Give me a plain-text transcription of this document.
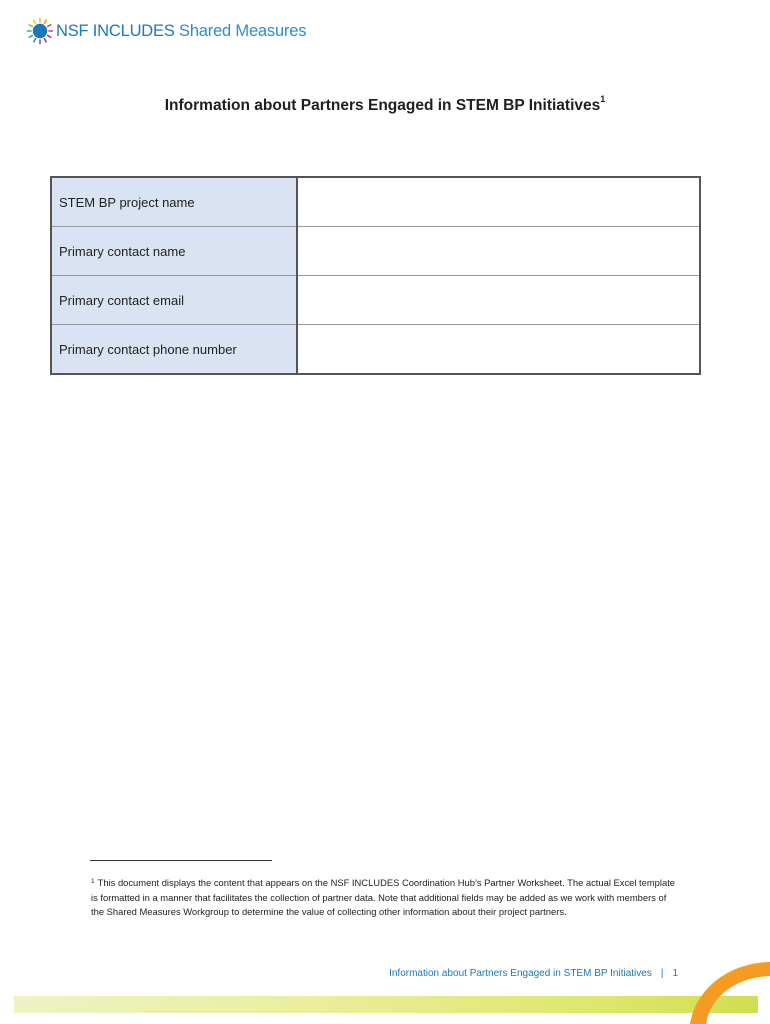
NSF INCLUDES Shared Measures
Information about Partners Engaged in STEM BP Initiatives$^1$
STEM BP project name	
Primary contact name	
Primary contact email	
Primary contact phone number	
$^1$ This document displays the content that appears on the NSF INCLUDES Coordination Hub’s Partner Worksheet. The actual Excel template is formatted in a manner that facilitates the collection of partner data. Note that additional fields may be added as we work with members of the Shared Measures Workgroup to determine the value of collecting other information about their project partners.
Information about Partners Engaged in STEM BP Initiatives | 1
